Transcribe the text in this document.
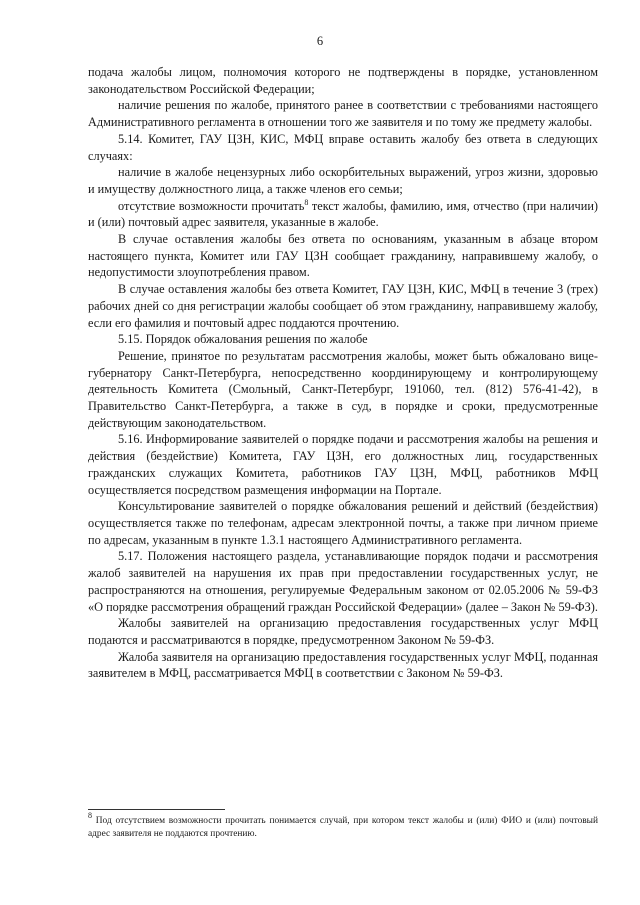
6

подача жалобы лицом, полномочия которого не подтверждены в порядке, установленном законодательством Российской Федерации;

наличие решения по жалобе, принятого ранее в соответствии с требованиями настоящего Административного регламента в отношении того же заявителя и по тому же предмету жалобы.

5.14. Комитет, ГАУ ЦЗН, КИС, МФЦ вправе оставить жалобу без ответа в следующих случаях:

наличие в жалобе нецензурных либо оскорбительных выражений, угроз жизни, здоровью и имуществу должностного лица, а также членов его семьи;

отсутствие возможности прочитать$^8$ текст жалобы, фамилию, имя, отчество (при наличии) и (или) почтовый адрес заявителя, указанные в жалобе.

В случае оставления жалобы без ответа по основаниям, указанным в абзаце втором настоящего пункта, Комитет или ГАУ ЦЗН сообщает гражданину, направившему жалобу, о недопустимости злоупотребления правом.

В случае оставления жалобы без ответа Комитет, ГАУ ЦЗН, КИС, МФЦ в течение 3 (трех) рабочих дней со дня регистрации жалобы сообщает об этом гражданину, направившему жалобу, если его фамилия и почтовый адрес поддаются прочтению.

5.15. Порядок обжалования решения по жалобе

Решение, принятое по результатам рассмотрения жалобы, может быть обжаловано вице-губернатору Санкт-Петербурга, непосредственно координирующему и контролирующему деятельность Комитета (Смольный, Санкт-Петербург, 191060, тел. (812) 576-41-42), в Правительство Санкт-Петербурга, а также в суд, в порядке и сроки, предусмотренные действующим законодательством.

5.16. Информирование заявителей о порядке подачи и рассмотрения жалобы на решения и действия (бездействие) Комитета, ГАУ ЦЗН, его должностных лиц, государственных гражданских служащих Комитета, работников ГАУ ЦЗН, МФЦ, работников МФЦ осуществляется посредством размещения информации на Портале.

Консультирование заявителей о порядке обжалования решений и действий (бездействия) осуществляется также по телефонам, адресам электронной почты, а также при личном приеме по адресам, указанным в пункте 1.3.1 настоящего Административного регламента.

5.17. Положения настоящего раздела, устанавливающие порядок подачи и рассмотрения жалоб заявителей на нарушения их прав при предоставлении государственных услуг, не распространяются на отношения, регулируемые Федеральным законом от 02.05.2006 № 59-ФЗ «О порядке рассмотрения обращений граждан Российской Федерации» (далее – Закон № 59-ФЗ).

Жалобы заявителей на организацию предоставления государственных услуг МФЦ подаются и рассматриваются в порядке, предусмотренном Законом № 59-ФЗ.

Жалоба заявителя на организацию предоставления государственных услуг МФЦ, поданная заявителем в МФЦ, рассматривается МФЦ в соответствии с Законом № 59-ФЗ.

$^8$ Под отсутствием возможности прочитать понимается случай, при котором текст жалобы и (или) ФИО и (или) почтовый адрес заявителя не поддаются прочтению.
